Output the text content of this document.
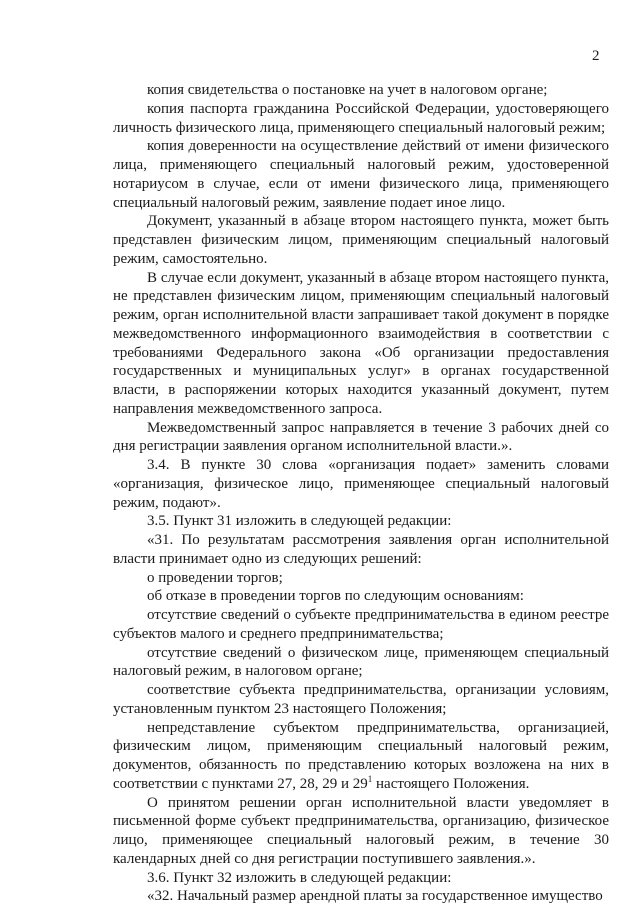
2

копия свидетельства о постановке на учет в налоговом органе;

копия паспорта гражданина Российской Федерации, удостоверяющего личность физического лица, применяющего специальный налоговый режим;

копия доверенности на осуществление действий от имени физического лица, применяющего специальный налоговый режим, удостоверенной нотариусом в случае, если от имени физического лица, применяющего специальный налоговый режим, заявление подает иное лицо.

Документ, указанный в абзаце втором настоящего пункта, может быть представлен физическим лицом, применяющим специальный налоговый режим, самостоятельно.

В случае если документ, указанный в абзаце втором настоящего пункта, не представлен физическим лицом, применяющим специальный налоговый режим, орган исполнительной власти запрашивает такой документ в порядке межведомственного информационного взаимодействия в соответствии с требованиями Федерального закона «Об организации предоставления государственных и муниципальных услуг» в органах государственной власти, в распоряжении которых находится указанный документ, путем направления межведомственного запроса.

Межведомственный запрос направляется в течение 3 рабочих дней со дня регистрации заявления органом исполнительной власти.».

3.4. В пункте 30 слова «организация подает» заменить словами «организация, физическое лицо, применяющее специальный налоговый режим, подают».

3.5. Пункт 31 изложить в следующей редакции:

«31. По результатам рассмотрения заявления орган исполнительной власти принимает одно из следующих решений:

о проведении торгов;

об отказе в проведении торгов по следующим основаниям:

отсутствие сведений о субъекте предпринимательства в едином реестре субъектов малого и среднего предпринимательства;

отсутствие сведений о физическом лице, применяющем специальный налоговый режим, в налоговом органе;

соответствие субъекта предпринимательства, организации условиям, установленным пунктом 23 настоящего Положения;

непредставление субъектом предпринимательства, организацией, физическим лицом, применяющим специальный налоговый режим, документов, обязанность по представлению которых возложена на них в соответствии с пунктами 27, 28, 29 и $29^1$ настоящего Положения.

О принятом решении орган исполнительной власти уведомляет в письменной форме субъект предпринимательства, организацию, физическое лицо, применяющее специальный налоговый режим, в течение 30 календарных дней со дня регистрации поступившего заявления.».

3.6. Пункт 32 изложить в следующей редакции:

«32. Начальный размер арендной платы за государственное имущество
